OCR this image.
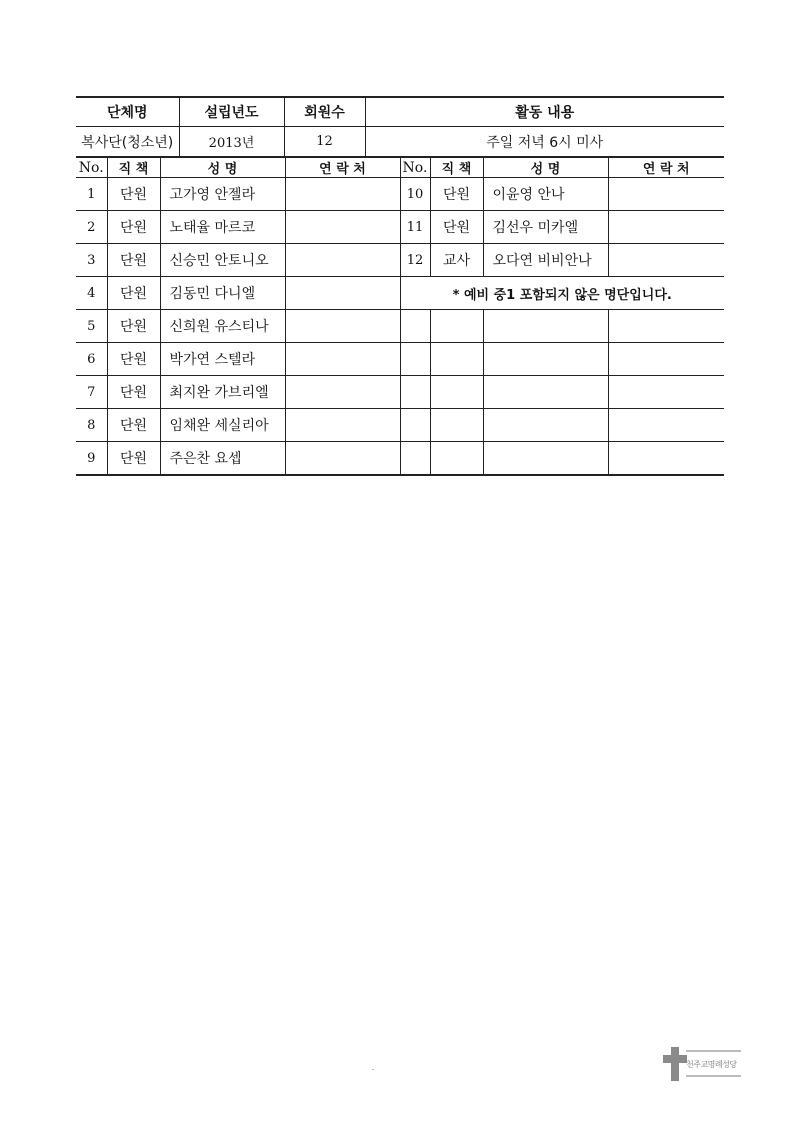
단체명	설립년도	회원수	활동 내용
복사단(청소년)	2013년	12	주일 저녁 6시 미사
No.	직 책	성 명	연 락 처	No.	직 책	성 명	연 락 처
1	단원	고가영 안젤라		10	단원	이윤영 안나	
2	단원	노태율 마르코		11	단원	김선우 미카엘	
3	단원	신승민 안토니오		12	교사	오다연 비비안나	
4	단원	김동민 다니엘		* 예비 중1 포함되지 않은 명단입니다.			
5	단원	신희원 유스티나					
6	단원	박가연 스텔라					
7	단원	최지완 가브리엘					
8	단원	임채완 세실리아					
9	단원	주은찬 요셉					
천주교명례성당
